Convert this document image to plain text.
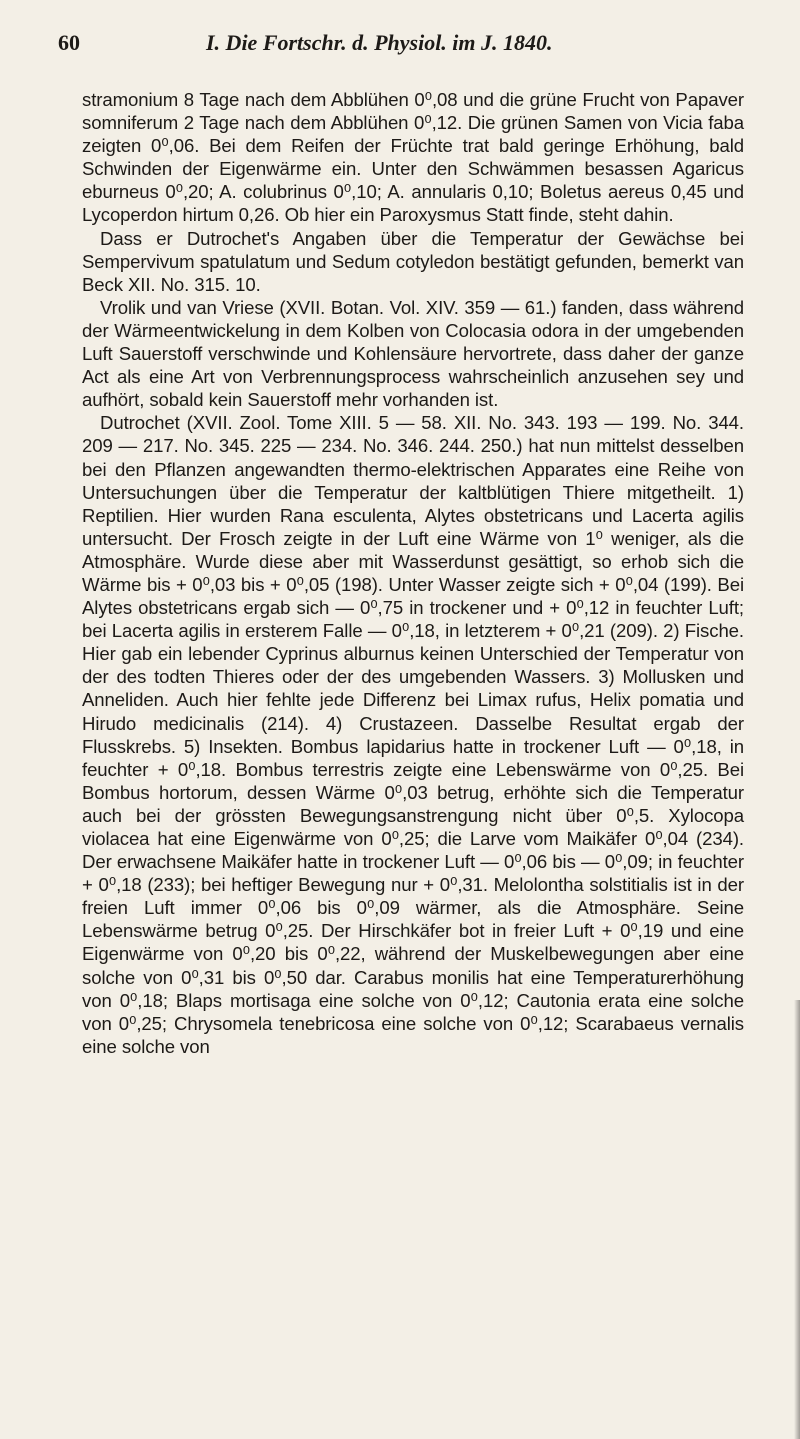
60	I. Die Fortschr. d. Physiol. im J. 1840.

stramonium 8 Tage nach dem Abblühen 0⁰,08 und die grüne Frucht von Papaver somniferum 2 Tage nach dem Abblühen 0⁰,12. Die grünen Samen von Vicia faba zeigten 0⁰,06. Bei dem Reifen der Früchte trat bald geringe Erhöhung, bald Schwinden der Eigenwärme ein. Unter den Schwämmen besassen Agaricus eburneus 0⁰,20; A. colubrinus 0⁰,10; A. annularis 0,10; Boletus aereus 0,45 und Lycoperdon hirtum 0,26. Ob hier ein Paroxysmus Statt finde, steht dahin.

Dass er Dutrochet's Angaben über die Temperatur der Gewächse bei Sempervivum spatulatum und Sedum cotyledon bestätigt gefunden, bemerkt van Beck XII. No. 315. 10.

Vrolik und van Vriese (XVII. Botan. Vol. XIV. 359 — 61.) fanden, dass während der Wärmeentwickelung in dem Kolben von Colocasia odora in der umgebenden Luft Sauerstoff verschwinde und Kohlensäure hervortrete, dass daher der ganze Act als eine Art von Verbrennungsprocess wahrscheinlich anzusehen sey und aufhört, sobald kein Sauerstoff mehr vorhanden ist.

Dutrochet (XVII. Zool. Tome XIII. 5 — 58. XII. No. 343. 193 — 199. No. 344. 209 — 217. No. 345. 225 — 234. No. 346. 244. 250.) hat nun mittelst desselben bei den Pflanzen angewandten thermo-elektrischen Apparates eine Reihe von Untersuchungen über die Temperatur der kaltblütigen Thiere mitgetheilt. 1) Reptilien. Hier wurden Rana esculenta, Alytes obstetricans und Lacerta agilis untersucht. Der Frosch zeigte in der Luft eine Wärme von 1⁰ weniger, als die Atmosphäre. Wurde diese aber mit Wasserdunst gesättigt, so erhob sich die Wärme bis + 0⁰,03 bis + 0⁰,05 (198). Unter Wasser zeigte sich + 0⁰,04 (199). Bei Alytes obstetricans ergab sich — 0⁰,75 in trockener und + 0⁰,12 in feuchter Luft; bei Lacerta agilis in ersterem Falle — 0⁰,18, in letzterem + 0⁰,21 (209). 2) Fische. Hier gab ein lebender Cyprinus alburnus keinen Unterschied der Temperatur von der des todten Thieres oder der des umgebenden Wassers. 3) Mollusken und Anneliden. Auch hier fehlte jede Differenz bei Limax rufus, Helix pomatia und Hirudo medicinalis (214). 4) Crustazeen. Dasselbe Resultat ergab der Flusskrebs. 5) Insekten. Bombus lapidarius hatte in trockener Luft — 0⁰,18, in feuchter + 0⁰,18. Bombus terrestris zeigte eine Lebenswärme von 0⁰,25. Bei Bombus hortorum, dessen Wärme 0⁰,03 betrug, erhöhte sich die Temperatur auch bei der grössten Bewegungsanstrengung nicht über 0⁰,5. Xylocopa violacea hat eine Eigenwärme von 0⁰,25; die Larve vom Maikäfer 0⁰,04 (234). Der erwachsene Maikäfer hatte in trockener Luft — 0⁰,06 bis — 0⁰,09; in feuchter + 0⁰,18 (233); bei heftiger Bewegung nur + 0⁰,31. Melolontha solstitialis ist in der freien Luft immer 0⁰,06 bis 0⁰,09 wärmer, als die Atmosphäre. Seine Lebenswärme betrug 0⁰,25. Der Hirschkäfer bot in freier Luft + 0⁰,19 und eine Eigenwärme von 0⁰,20 bis 0⁰,22, während der Muskelbewegungen aber eine solche von 0⁰,31 bis 0⁰,50 dar. Carabus monilis hat eine Temperaturerhöhung von 0⁰,18; Blaps mortisaga eine solche von 0⁰,12; Cautonia erata eine solche von 0⁰,25; Chrysomela tenebricosa eine solche von 0⁰,12; Scarabaeus vernalis eine solche von
